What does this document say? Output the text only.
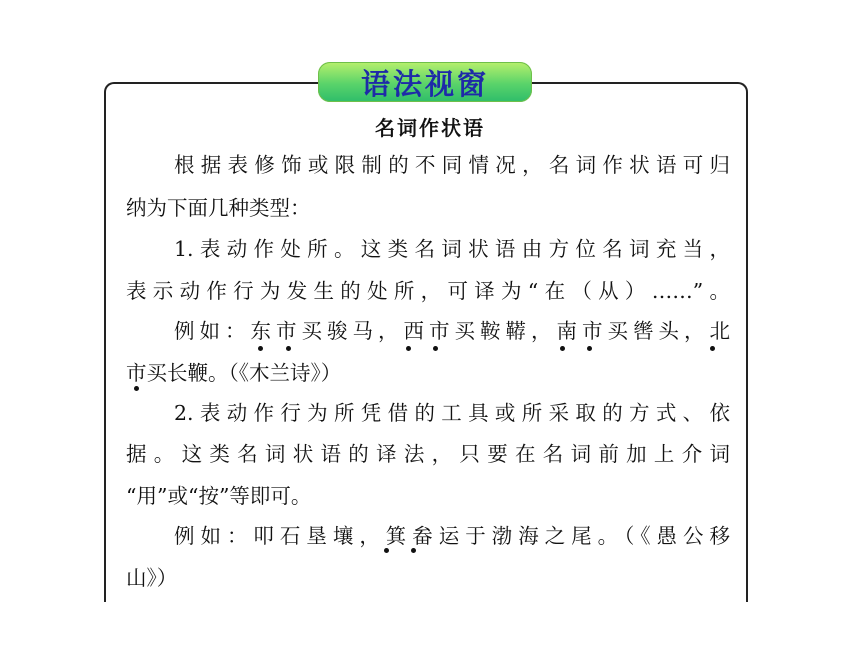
语法视窗
名词作状语
根据表修饰或限制的不同情况，名词作状语可归
纳为下面几种类型：
1.表动作处所。这类名词状语由方位名词充当，
表示动作行为发生的处所，可译为“在（从）……”。
例如：东市买骏马，西市买鞍鞯，南市买辔头，北
市买长鞭。（《木兰诗》）
2.表动作行为所凭借的工具或所采取的方式、依
据。这类名词状语的译法，只要在名词前加上介词
“用”或“按”等即可。
例如：叩石垦壤，箕畚运于渤海之尾。（《愚公移
山》）
